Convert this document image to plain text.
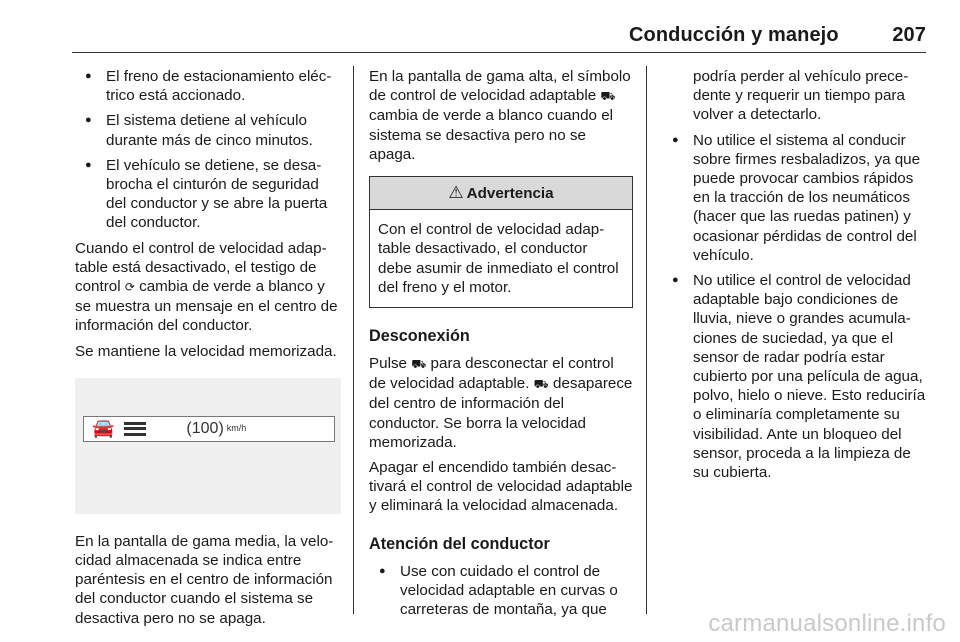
Conducción y manejo	207
● El freno de estacionamiento eléctrico está accionado.
● El sistema detiene al vehículo durante más de cinco minutos.
● El vehículo se detiene, se desabrocha el cinturón de seguridad del conductor y se abre la puerta del conductor.

Cuando el control de velocidad adaptable está desactivado, el testigo de control ⟳ cambia de verde a blanco y se muestra un mensaje en el centro de información del conductor.

Se mantiene la velocidad memorizada.

🚘	(100) km/h

En la pantalla de gama media, la velocidad almacenada se indica entre paréntesis en el centro de información del conductor cuando el sistema se desactiva pero no se apaga.

En la pantalla de gama alta, el símbolo de control de velocidad adaptable ⛟ cambia de verde a blanco cuando el sistema se desactiva pero no se apaga.

⚠ Advertencia
Con el control de velocidad adaptable desactivado, el conductor debe asumir de inmediato el control del freno y el motor.
Desconexión

Pulse ⛟ para desconectar el control de velocidad adaptable. ⛟ desaparece del centro de información del conductor. Se borra la velocidad memorizada.

Apagar el encendido también desactivará el control de velocidad adaptable y eliminará la velocidad almacenada.

Atención del conductor
● Use con cuidado el control de velocidad adaptable en curvas o carreteras de montaña, ya que
podría perder al vehículo precedente y requerir un tiempo para volver a detectarlo.
● No utilice el sistema al conducir sobre firmes resbaladizos, ya que puede provocar cambios rápidos en la tracción de los neumáticos (hacer que las ruedas patinen) y ocasionar pérdidas de control del vehículo.
● No utilice el control de velocidad adaptable bajo condiciones de lluvia, nieve o grandes acumulaciones de suciedad, ya que el sensor de radar podría estar cubierto por una película de agua, polvo, hielo o nieve. Esto reduciría o eliminaría completamente su visibilidad. Ante un bloqueo del sensor, proceda a la limpieza de su cubierta.
carmanualsonline.info
